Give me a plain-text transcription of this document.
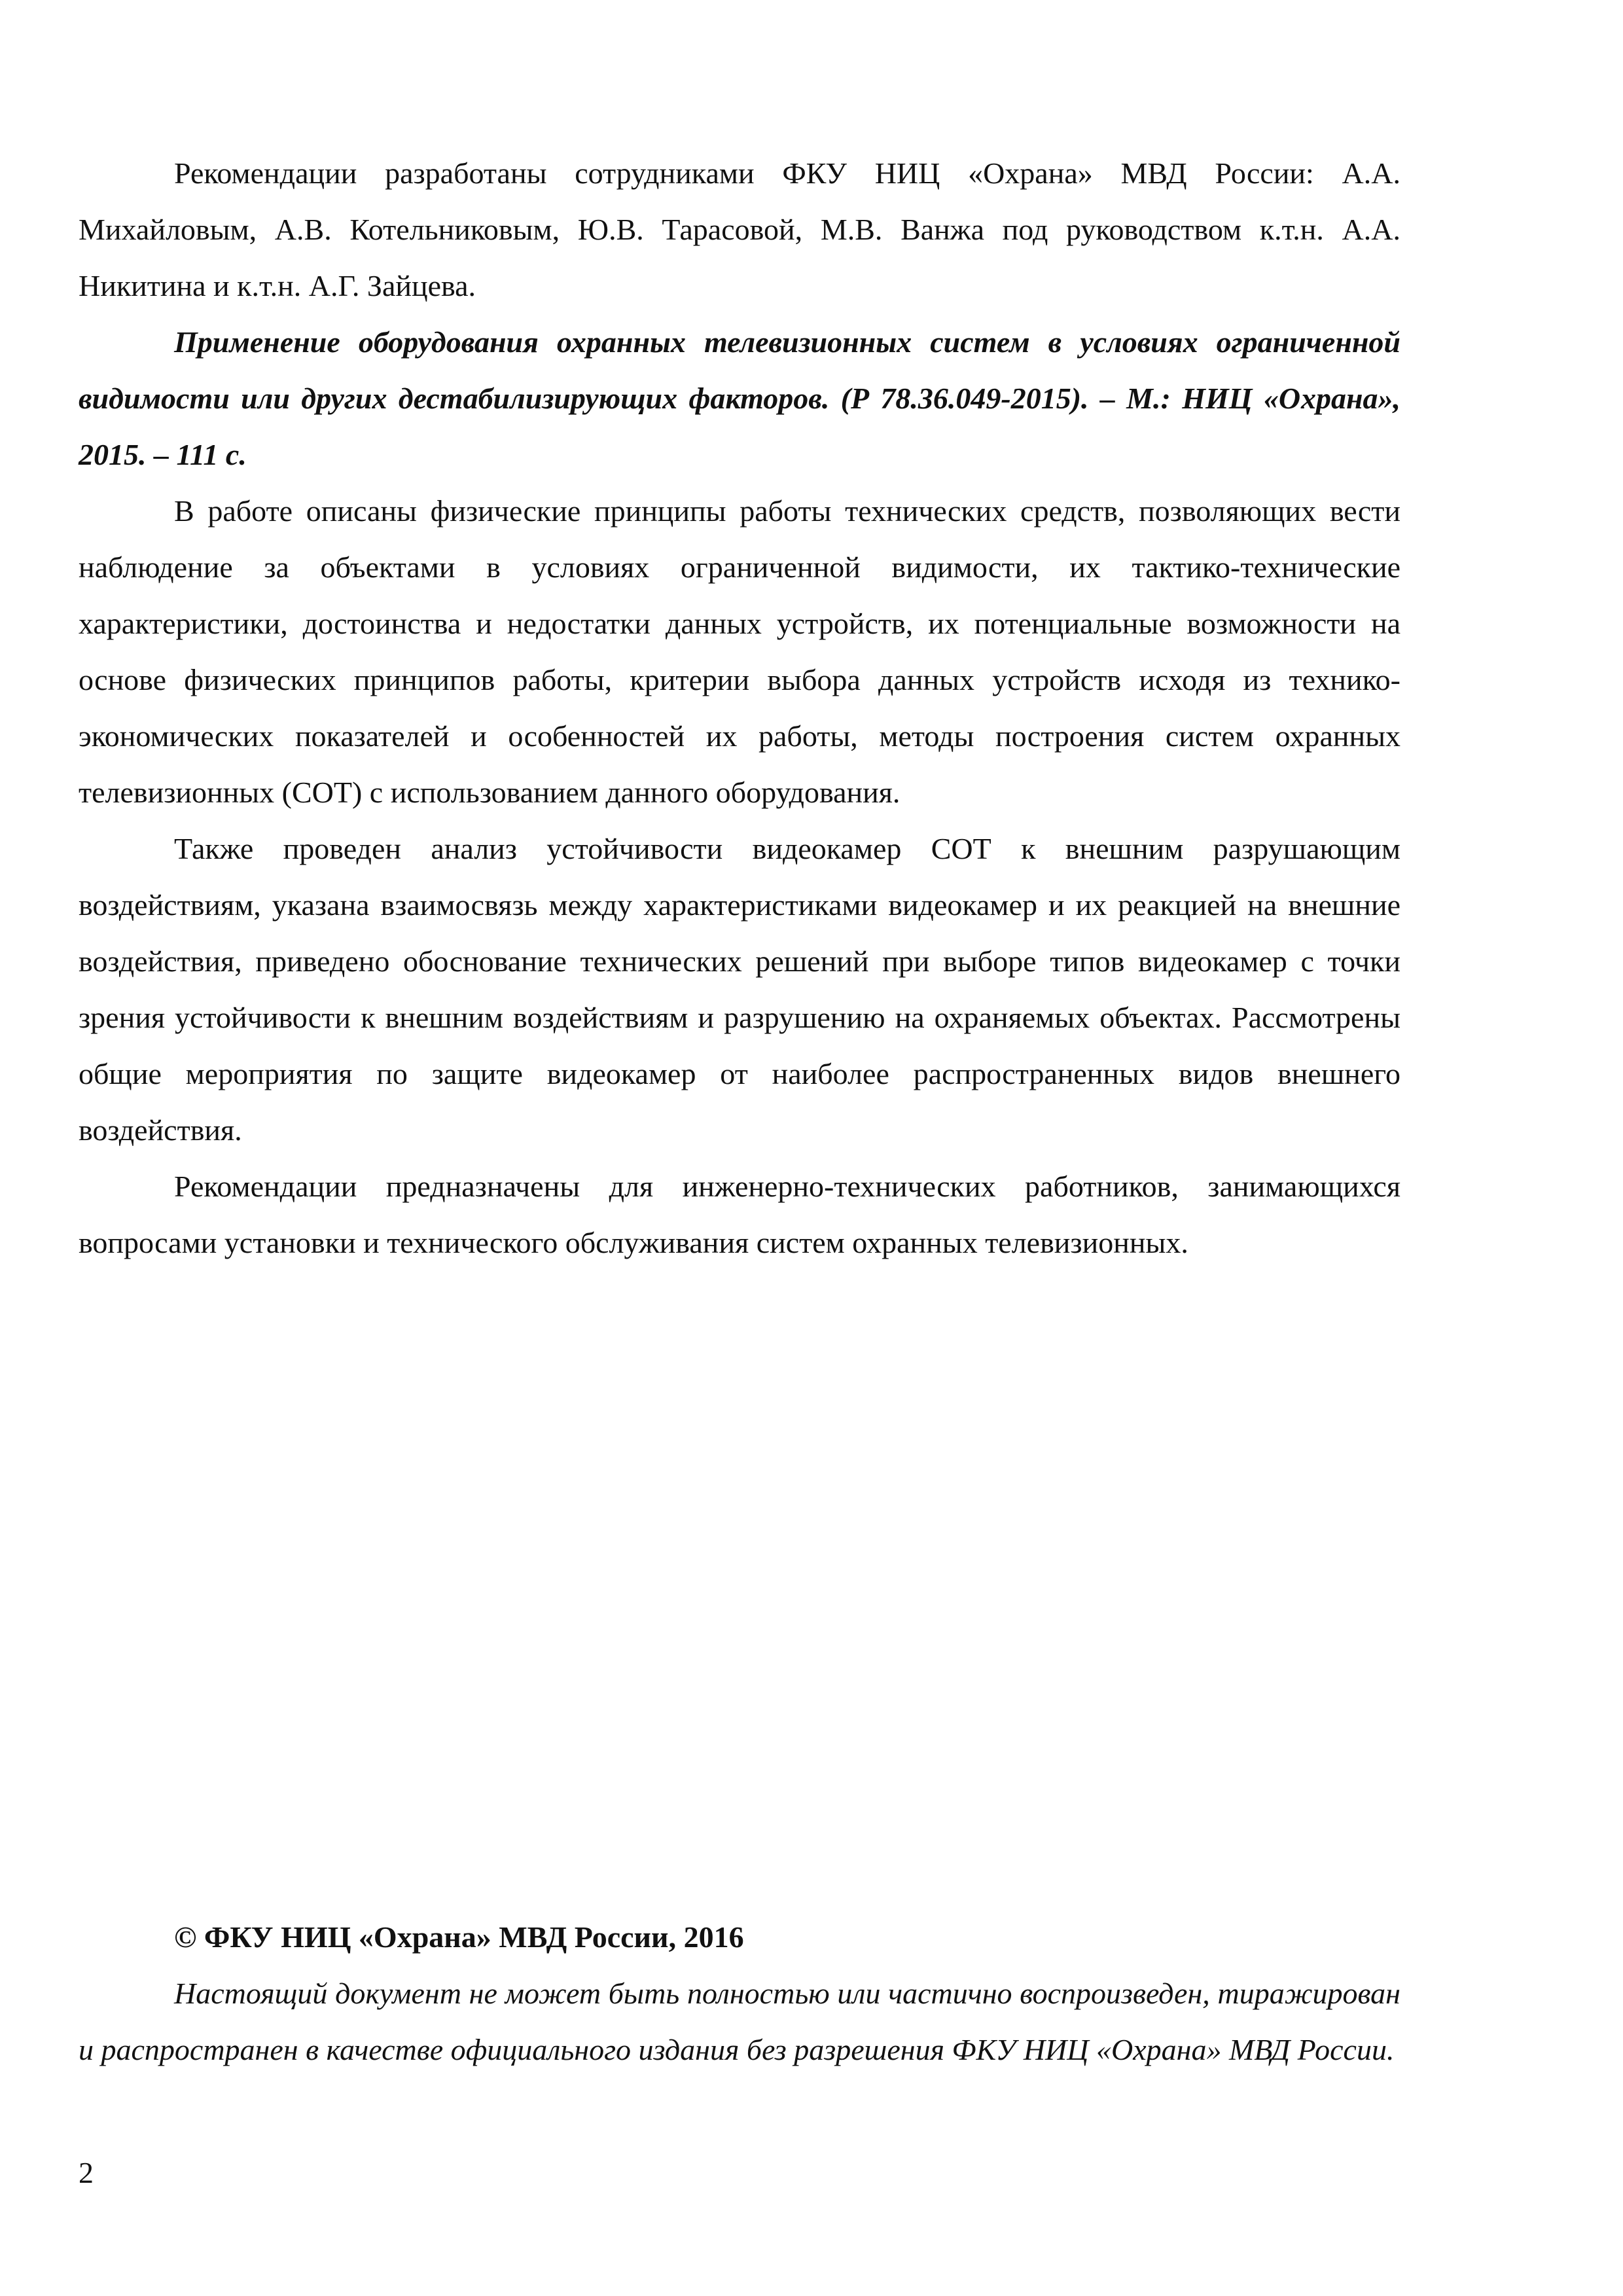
Рекомендации разработаны сотрудниками ФКУ НИЦ «Охрана» МВД России: А.А. Михайловым, А.В. Котельниковым, Ю.В. Тарасовой, М.В. Ванжа под руководством к.т.н. А.А. Никитина и к.т.н. А.Г. Зайцева.

Применение оборудования охранных телевизионных систем в условиях ограниченной видимости или других дестабилизирующих факторов. (Р 78.36.049-2015). – М.: НИЦ «Охрана», 2015. – 111 с.

В работе описаны физические принципы работы технических средств, позволяющих вести наблюдение за объектами в условиях ограниченной видимости, их тактико-технические характеристики, достоинства и недостатки данных устройств, их потенциальные возможности на основе физических принципов работы, критерии выбора данных устройств исходя из технико-экономических показателей и особенностей их работы, методы построения систем охранных телевизионных (СОТ) с использованием данного оборудования.

Также проведен анализ устойчивости видеокамер СОТ к внешним разрушающим воздействиям, указана взаимосвязь между характеристиками видеокамер и их реакцией на внешние воздействия, приведено обоснование технических решений при выборе типов видеокамер с точки зрения устойчивости к внешним воздействиям и разрушению на охраняемых объектах. Рассмотрены общие мероприятия по защите видеокамер от наиболее распространенных видов внешнего воздействия.

Рекомендации предназначены для инженерно-технических работников, занимающихся вопросами установки и технического обслуживания систем охранных телевизионных.

© ФКУ НИЦ «Охрана» МВД России, 2016

Настоящий документ не может быть полностью или частично воспроизведен, тиражирован и распространен в качестве официального издания без разрешения ФКУ НИЦ «Охрана» МВД России.

2
